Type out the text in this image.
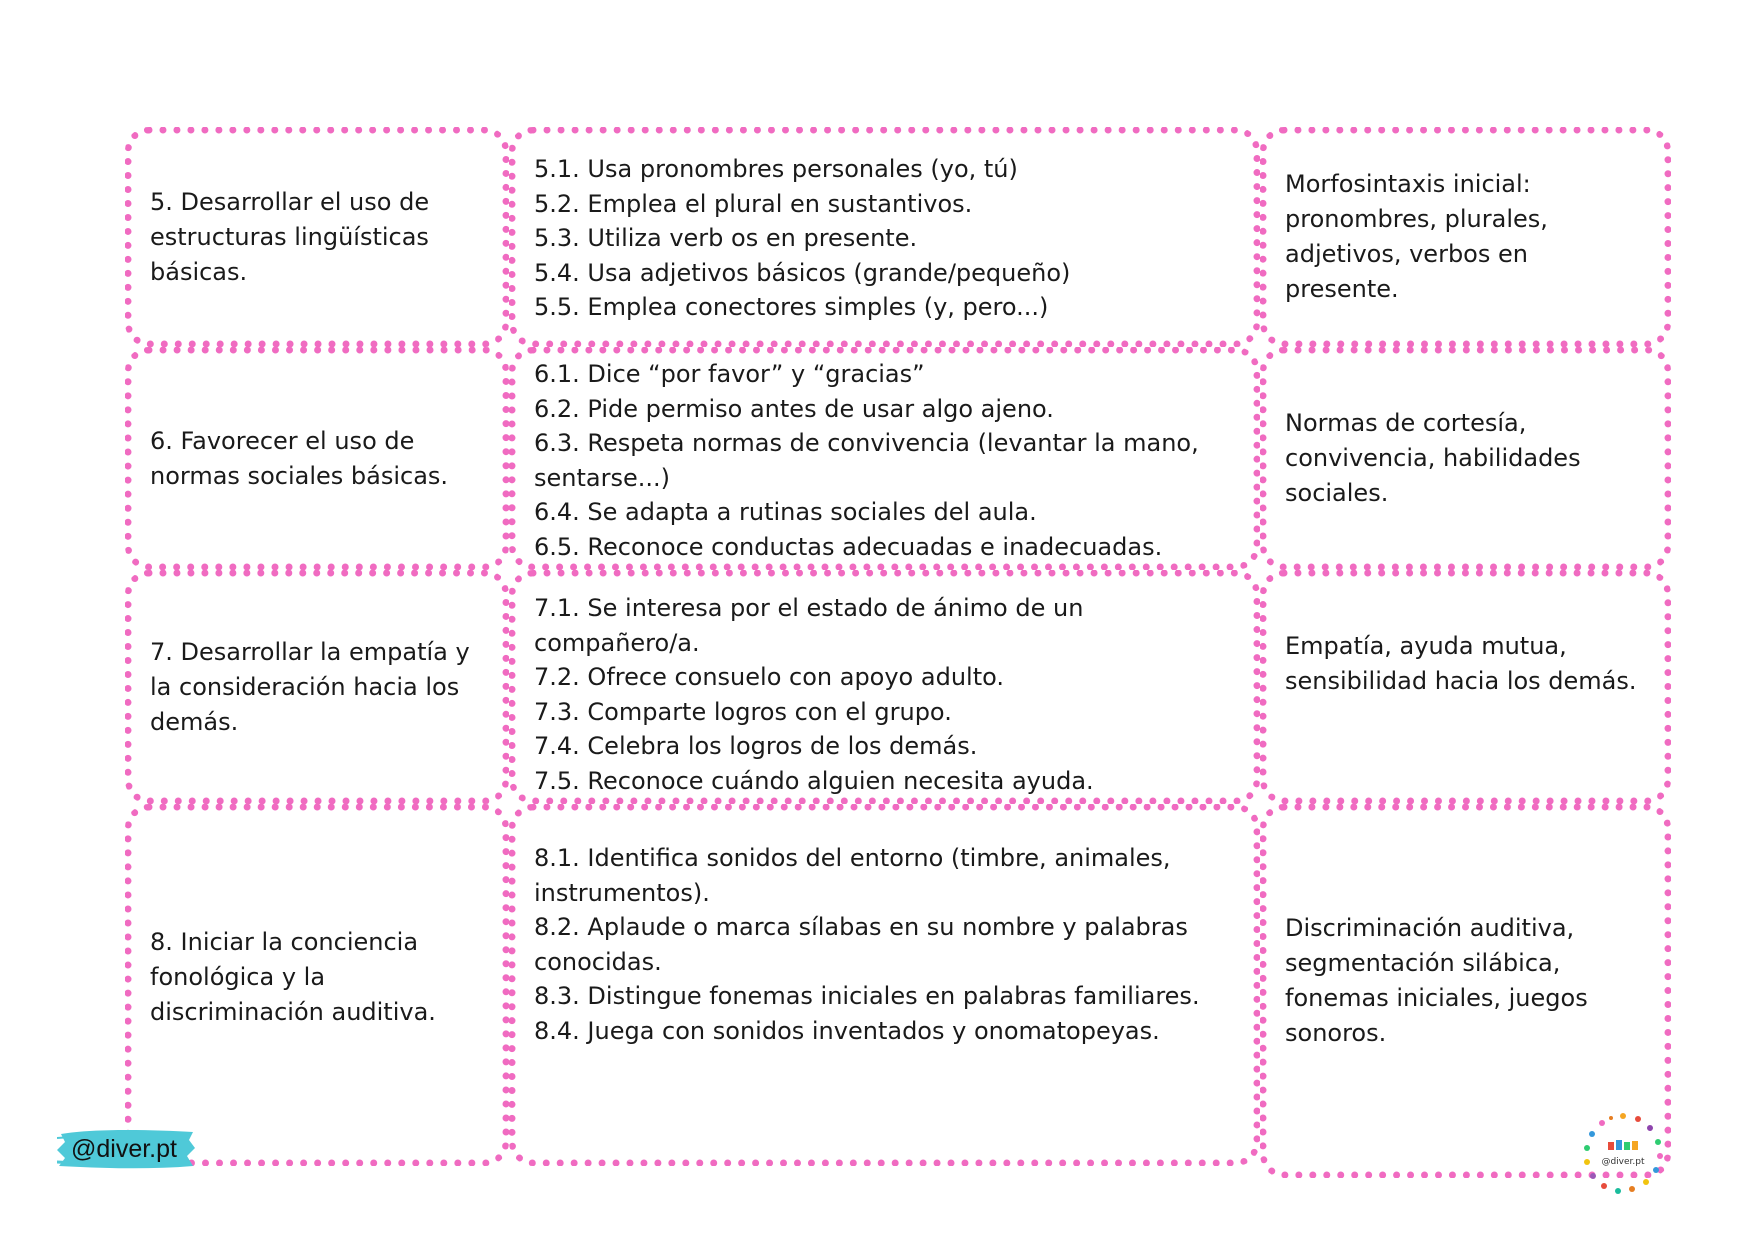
5. Desarrollar el uso de
estructuras lingüísticas
básicas.
5.1. Usa pronombres personales (yo, tú)
5.2. Emplea el plural en sustantivos.
5.3. Utiliza verb os en presente.
5.4. Usa adjetivos básicos (grande/pequeño)
5.5. Emplea conectores simples (y, pero...)
Morfosintaxis inicial:
pronombres, plurales,
adjetivos, verbos en
presente.
6. Favorecer el uso de
normas sociales básicas.
6.1. Dice “por favor” y “gracias”
6.2. Pide permiso antes de usar algo ajeno.
6.3. Respeta normas de convivencia (levantar la mano,
sentarse...)
6.4. Se adapta a rutinas sociales del aula.
6.5. Reconoce conductas adecuadas e inadecuadas.
Normas de cortesía,
convivencia, habilidades
sociales.
7. Desarrollar la empatía y
la consideración hacia los
demás.
7.1. Se interesa por el estado de ánimo de un
compañero/a.
7.2. Ofrece consuelo con apoyo adulto.
7.3. Comparte logros con el grupo.
7.4. Celebra los logros de los demás.
7.5. Reconoce cuándo alguien necesita ayuda.
Empatía, ayuda mutua,
sensibilidad hacia los demás.
8. Iniciar la conciencia
fonológica y la
discriminación auditiva.
8.1. Identifica sonidos del entorno (timbre, animales,
instrumentos).
8.2. Aplaude o marca sílabas en su nombre y palabras
conocidas.
8.3. Distingue fonemas iniciales en palabras familiares.
8.4. Juega con sonidos inventados y onomatopeyas.
Discriminación auditiva,
segmentación silábica,
fonemas iniciales, juegos
sonoros.
@diver.pt	@diver.pt
